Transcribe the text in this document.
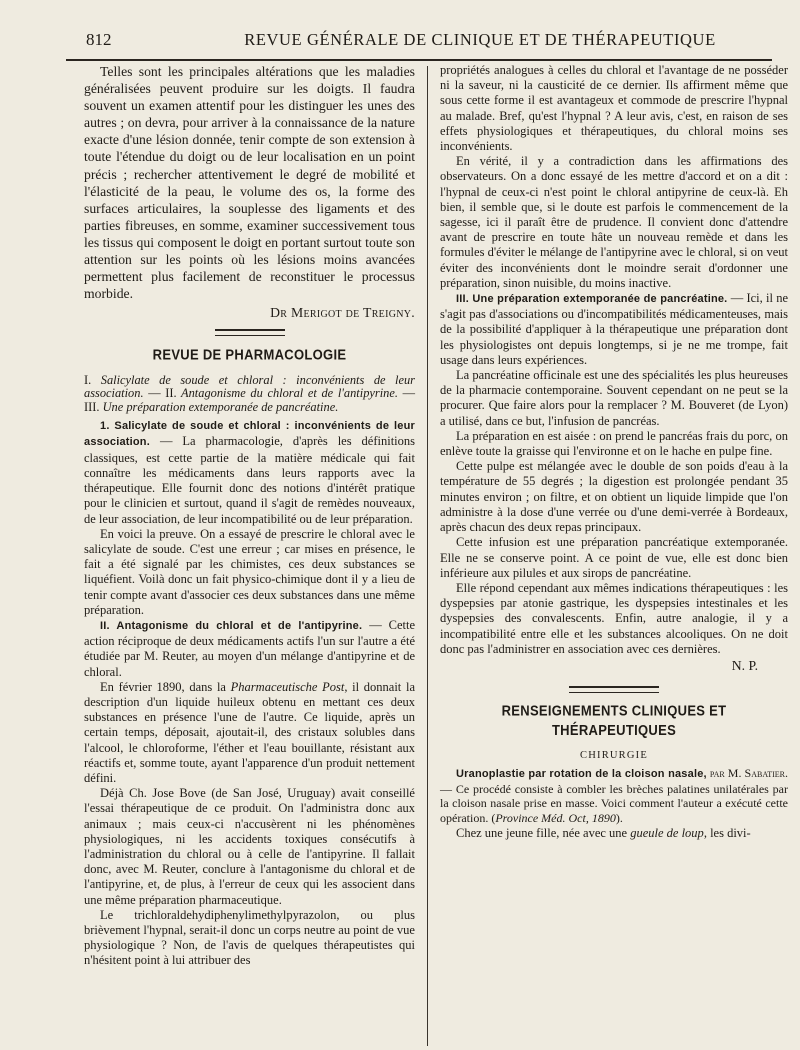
812	REVUE GÉNÉRALE DE CLINIQUE ET DE THÉRAPEUTIQUE

Telles sont les principales altérations que les maladies généralisées peuvent produire sur les doigts. Il faudra souvent un examen attentif pour les distinguer les unes des autres ; on devra, pour arriver à la connaissance de la nature exacte d'une lésion donnée, tenir compte de son extension à toute l'étendue du doigt ou de leur localisation en un point précis ; rechercher attentivement le degré de mobilité et l'élasticité de la peau, le volume des os, la forme des surfaces articulaires, la souplesse des ligaments et des parties fibreuses, en somme, examiner successivement tous les tissus qui composent le doigt en portant surtout toute son attention sur les points où les lésions moins avancées permettent plus facilement de reconstituer le processus morbide.

Dr Merigot de Treigny.

REVUE DE PHARMACOLOGIE

I. Salicylate de soude et chloral : inconvénients de leur association. — II. Antagonisme du chloral et de l'antipyrine. — III. Une préparation extemporanée de pancréatine.

1. Salicylate de soude et chloral : inconvénients de leur association. — La pharmacologie, d'après les définitions classiques, est cette partie de la matière médicale qui fait connaître les médicaments dans leurs rapports avec la thérapeutique. Elle fournit donc des notions d'intérêt pratique pour le clinicien et surtout, quand il s'agit de remèdes nouveaux, de leur association, de leur incompatibilité ou de leur préparation.

En voici la preuve. On a essayé de prescrire le chloral avec le salicylate de soude. C'est une erreur ; car mises en présence, le fait a été signalé par les chimistes, ces deux substances se liquéfient. Voilà donc un fait physico-chimique dont il y a lieu de tenir compte avant d'associer ces deux substances dans une même préparation.

II. Antagonisme du chloral et de l'antipyrine. — Cette action réciproque de deux médicaments actifs l'un sur l'autre a été étudiée par M. Reuter, au moyen d'un mélange d'antipyrine et de chloral.

En février 1890, dans la Pharmaceutische Post, il donnait la description d'un liquide huileux obtenu en mettant ces deux substances en présence l'une de l'autre. Ce liquide, après un certain temps, déposait, ajoutait-il, des cristaux solubles dans l'alcool, le chloroforme, l'éther et l'eau bouillante, résistant aux réactifs et, somme toute, ayant l'apparence d'un produit nettement défini.

Déjà Ch. Jose Bove (de San José, Uruguay) avait conseillé l'essai thérapeutique de ce produit. On l'administra donc aux animaux ; mais ceux-ci n'accusèrent ni les phénomènes physiologiques, ni les accidents toxiques consécutifs à l'administration du chloral ou à celle de l'antipyrine. Il fallait donc, avec M. Reuter, conclure à l'antagonisme du chloral et de l'antipyrine, et, de plus, à l'erreur de ceux qui les associent dans une même préparation pharmaceutique.

Le trichloraldehydiphenylimethylpyrazolon, ou plus brièvement l'hypnal, serait-il donc un corps neutre au point de vue physiologique ? Non, de l'avis de quelques thérapeutistes qui n'hésitent point à lui attribuer des

propriétés analogues à celles du chloral et l'avantage de ne posséder ni la saveur, ni la causticité de ce dernier. Ils affirment même que sous cette forme il est avantageux et commode de prescrire l'hypnal au malade. Bref, qu'est l'hypnal ? A leur avis, c'est, en raison de ses effets physiologiques et thérapeutiques, du chloral moins ses inconvénients.

En vérité, il y a contradiction dans les affirmations des observateurs. On a donc essayé de les mettre d'accord et on a dit : l'hypnal de ceux-ci n'est point le chloral antipyrine de ceux-là. Eh bien, il semble que, si le doute est parfois le commencement de la sagesse, ici il paraît être de prudence. Il convient donc d'attendre avant de prescrire en toute hâte un nouveau remède et dans les formules d'éviter le mélange de l'antipyrine avec le chloral, si on veut éviter des inconvénients dont le moindre serait d'ordonner une préparation, sinon nuisible, du moins inactive.

III. Une préparation extemporanée de pancréatine. — Ici, il ne s'agit pas d'associations ou d'incompatibilités médicamenteuses, mais de la possibilité d'appliquer à la thérapeutique une préparation dont les physiologistes ont depuis longtemps, si je ne me trompe, fait usage dans leurs expériences.

La pancréatine officinale est une des spécialités les plus heureuses de la pharmacie contemporaine. Souvent cependant on ne peut se la procurer. Que faire alors pour la remplacer ? M. Bouveret (de Lyon) a utilisé, dans ce but, l'infusion de pancréas.

La préparation en est aisée : on prend le pancréas frais du porc, on enlève toute la graisse qui l'environne et on le hache en pulpe fine.

Cette pulpe est mélangée avec le double de son poids d'eau à la température de 55 degrés ; la digestion est prolongée pendant 35 minutes environ ; on filtre, et on obtient un liquide limpide que l'on administre à la dose d'une verrée ou d'une demi-verrée à Bordeaux, après chacun des deux repas principaux.

Cette infusion est une préparation pancréatique extemporanée. Elle ne se conserve point. A ce point de vue, elle est donc bien inférieure aux pilules et aux sirops de pancréatine.

Elle répond cependant aux mêmes indications thérapeutiques : les dyspepsies par atonie gastrique, les dyspepsies intestinales et les dyspepsies des convalescents. Enfin, autre analogie, il y a incompatibilité entre elle et les substances alcooliques. On ne doit donc pas l'administrer en association avec ces dernières.

N. P.

RENSEIGNEMENTS CLINIQUES ET THÉRAPEUTIQUES

CHIRURGIE

Uranoplastie par rotation de la cloison nasale, par M. Sabatier. — Ce procédé consiste à combler les brèches palatines unilatérales par la cloison nasale prise en masse. Voici comment l'auteur a exécuté cette opération. (Province Méd. Oct, 1890).

Chez une jeune fille, née avec une gueule de loup, les divi-
